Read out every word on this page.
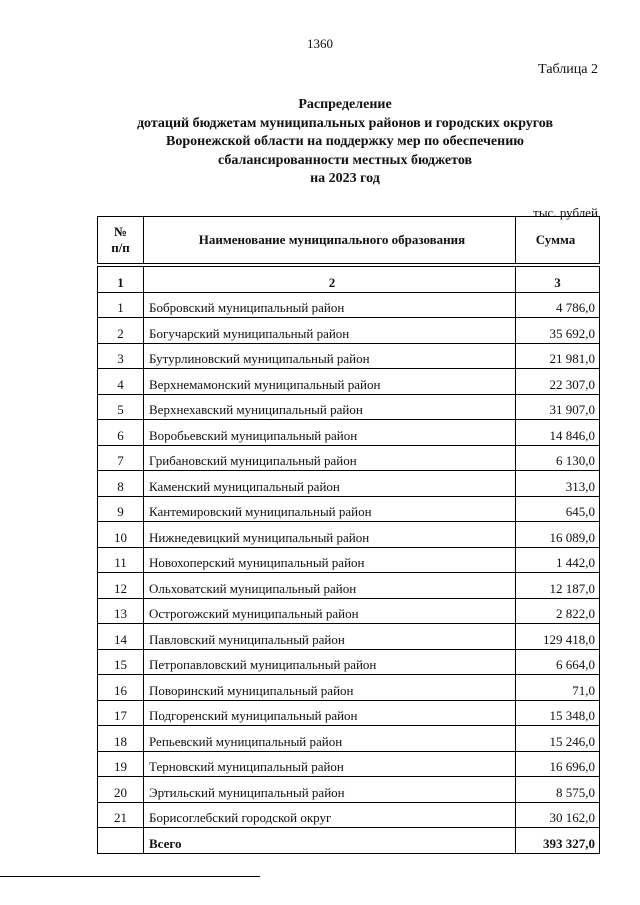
1360
Таблица 2
Распределение
дотаций бюджетам муниципальных районов и городских округов
Воронежской области на поддержку мер по обеспечению
сбалансированности местных бюджетов
на 2023 год
тыс. рублей
№
п/п
	Наименование муниципального образования	Сумма
1	2	3
1	Бобровский муниципальный район	4 786,0
2	Богучарский муниципальный район	35 692,0
3	Бутурлиновский муниципальный район	21 981,0
4	Верхнемамонский муниципальный район	22 307,0
5	Верхнехавский муниципальный район	31 907,0
6	Воробьевский муниципальный район	14 846,0
7	Грибановский муниципальный район	6 130,0
8	Каменский муниципальный район	313,0
9	Кантемировский муниципальный район	645,0
10	Нижнедевицкий муниципальный район	16 089,0
11	Новохоперский муниципальный район	1 442,0
12	Ольховатский муниципальный район	12 187,0
13	Острогожский муниципальный район	2 822,0
14	Павловский муниципальный район	129 418,0
15	Петропавловский муниципальный район	6 664,0
16	Поворинский муниципальный район	71,0
17	Подгоренский муниципальный район	15 348,0
18	Репьевский муниципальный район	15 246,0
19	Терновский муниципальный район	16 696,0
20	Эртильский муниципальный район	8 575,0
21	Борисоглебский городской округ	30 162,0
	Всего	393 327,0
